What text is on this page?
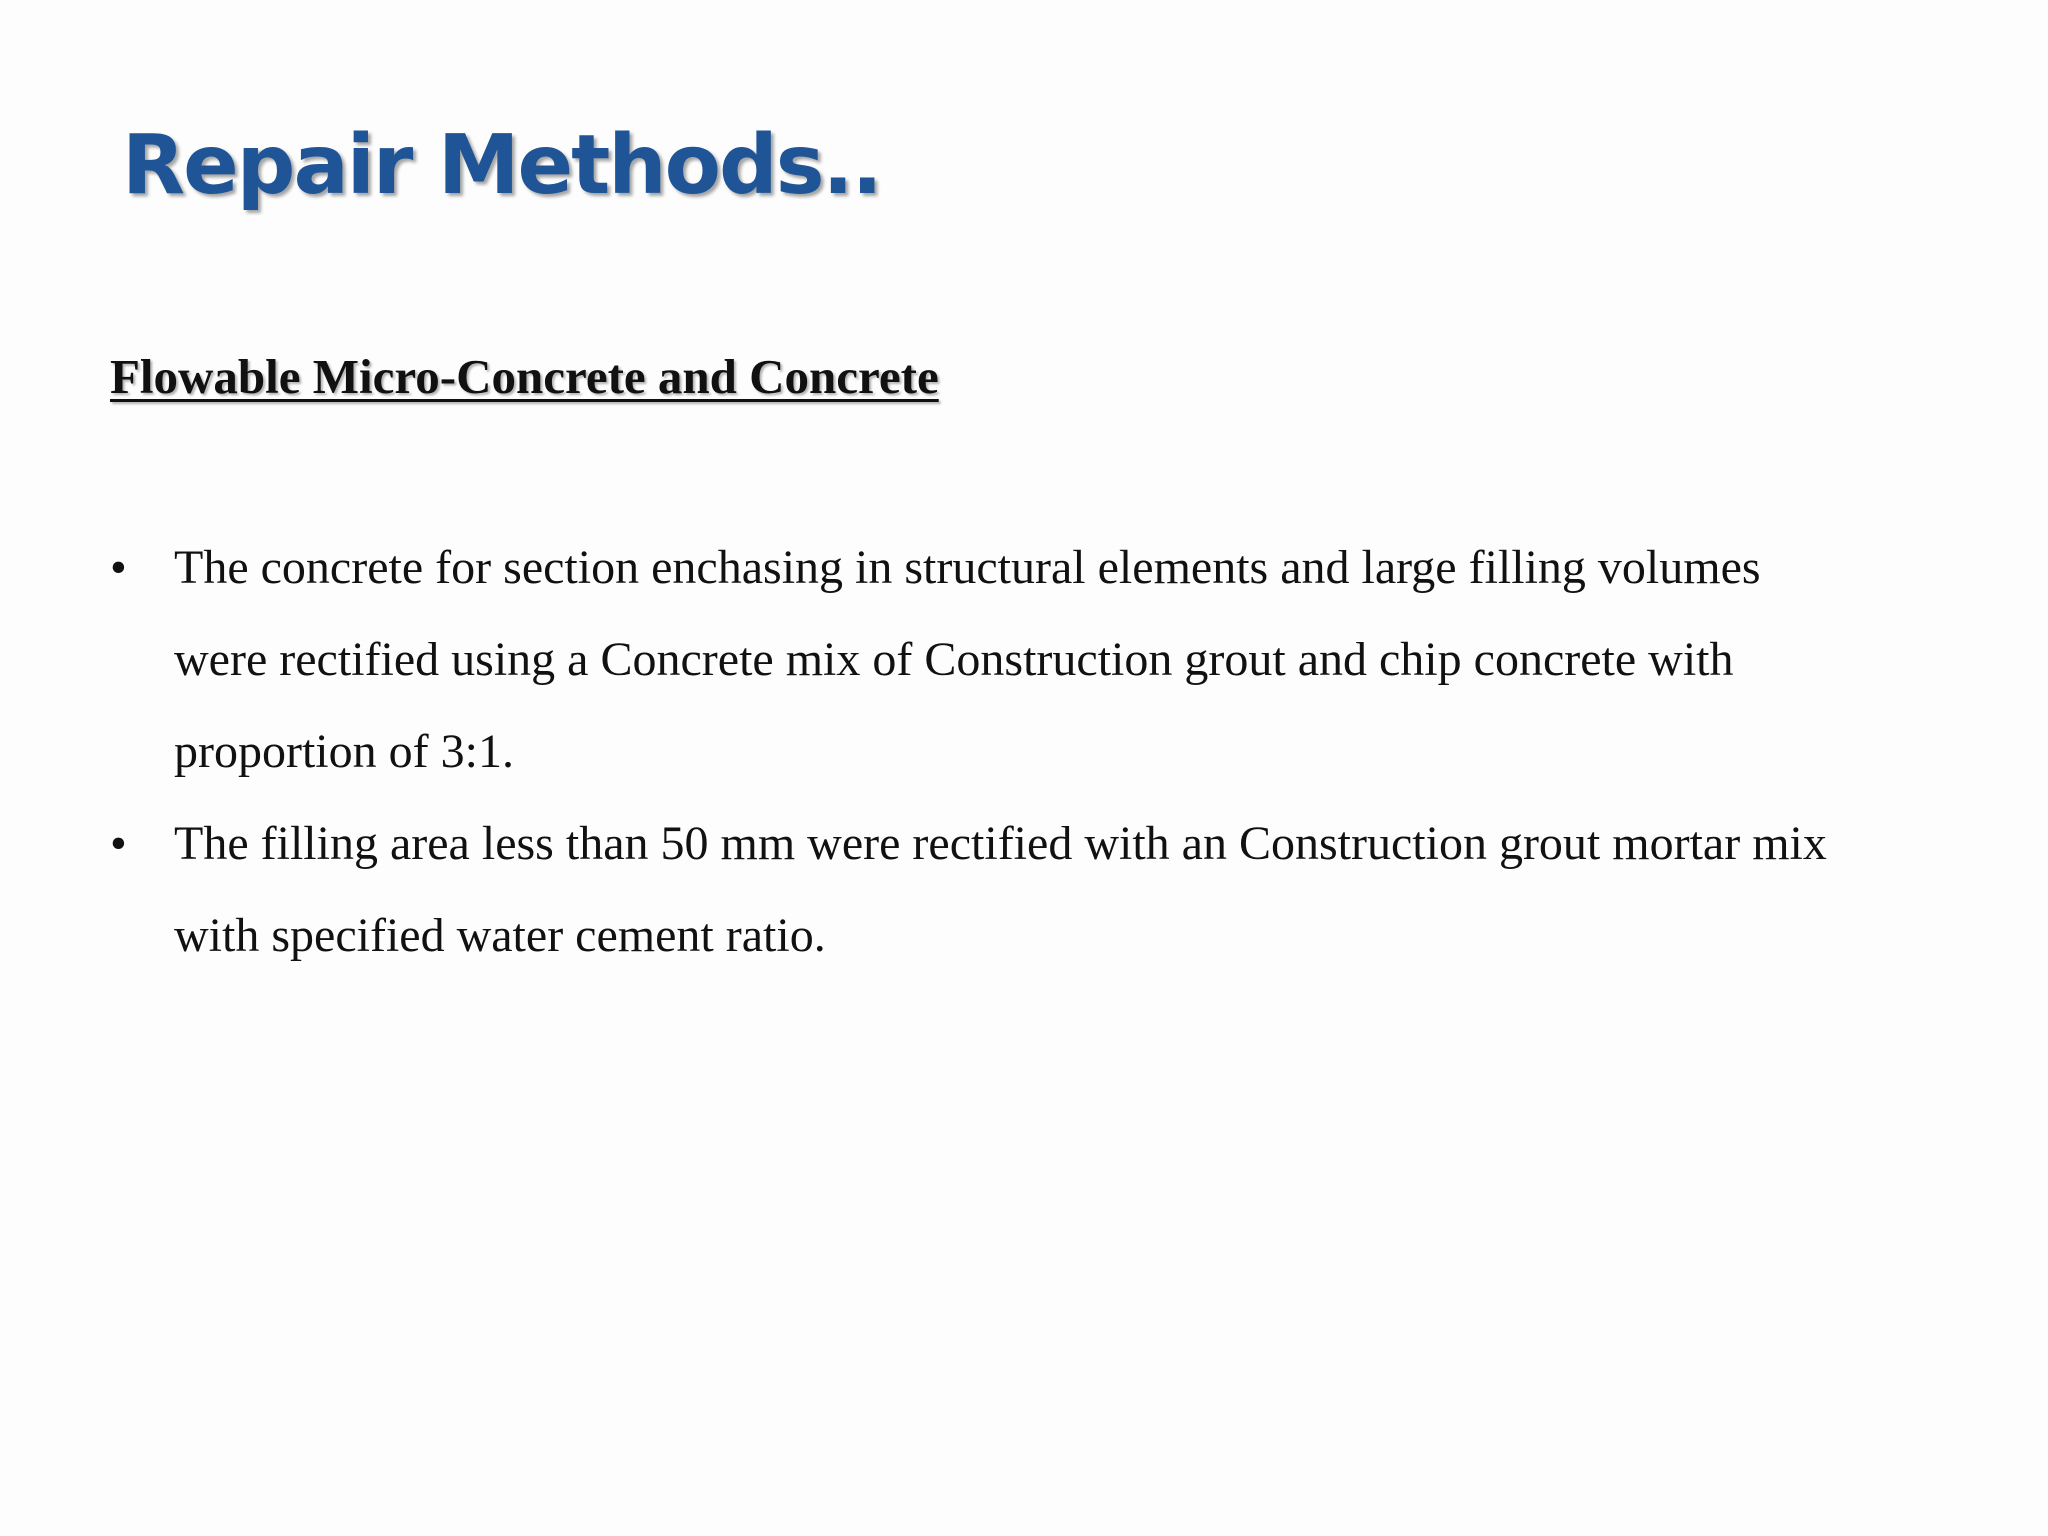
Repair Methods..
Flowable Micro-Concrete and Concrete
• The concrete for section enchasing in structural elements and large filling volumes
were rectified using a Concrete mix of Construction grout and chip concrete with
proportion of 3:1.
• The filling area less than 50 mm were rectified with an Construction grout mortar mix
with specified water cement ratio.
